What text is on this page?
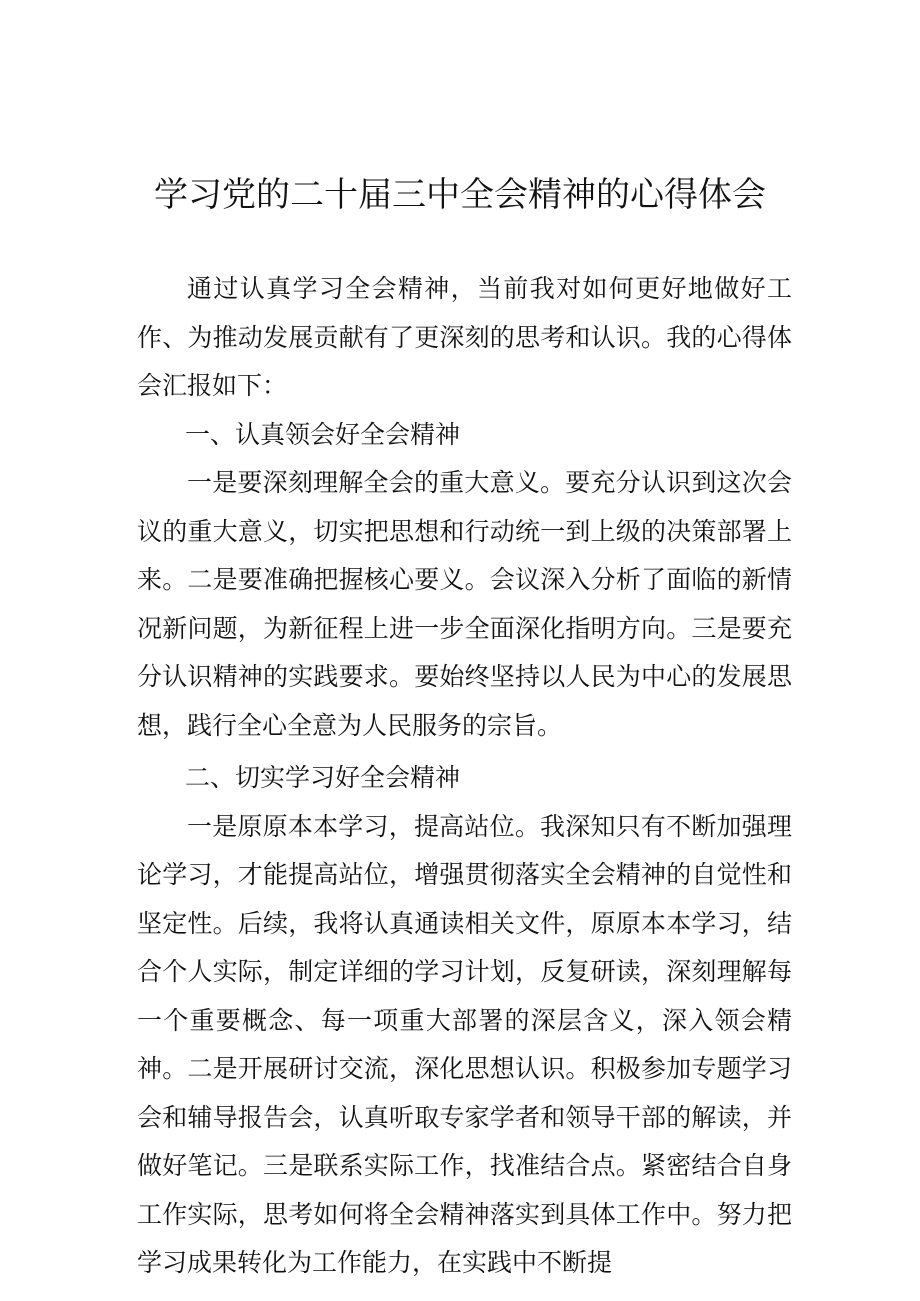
学习党的二十届三中全会精神的心得体会

通过认真学习全会精神，当前我对如何更好地做好工作、为推动发展贡献有了更深刻的思考和认识。我的心得体会汇报如下：

一、认真领会好全会精神

一是要深刻理解全会的重大意义。要充分认识到这次会议的重大意义，切实把思想和行动统一到上级的决策部署上来。二是要准确把握核心要义。会议深入分析了面临的新情况新问题，为新征程上进一步全面深化指明方向。三是要充分认识精神的实践要求。要始终坚持以人民为中心的发展思想，践行全心全意为人民服务的宗旨。

二、切实学习好全会精神

一是原原本本学习，提高站位。我深知只有不断加强理论学习，才能提高站位，增强贯彻落实全会精神的自觉性和坚定性。后续，我将认真通读相关文件，原原本本学习，结合个人实际，制定详细的学习计划，反复研读，深刻理解每一个重要概念、每一项重大部署的深层含义，深入领会精神。二是开展研讨交流，深化思想认识。积极参加专题学习会和辅导报告会，认真听取专家学者和领导干部的解读，并做好笔记。三是联系实际工作，找准结合点。紧密结合自身工作实际，思考如何将全会精神落实到具体工作中。努力把学习成果转化为工作能力，在实践中不断提
